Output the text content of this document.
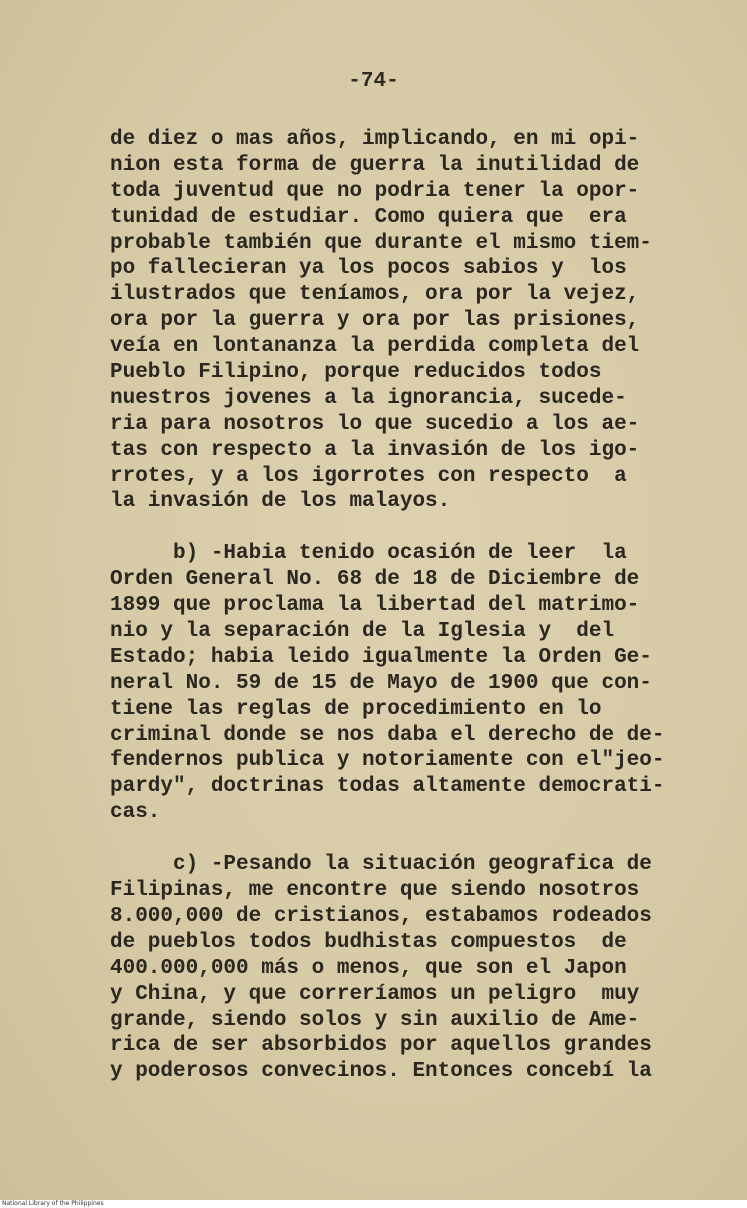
-74-
de diez o mas años, implicando, en mi opi-
nion esta forma de guerra la inutilidad de
toda juventud que no podria tener la opor-
tunidad de estudiar. Como quiera que  era
probable también que durante el mismo tiem-
po fallecieran ya los pocos sabios y  los
ilustrados que teníamos, ora por la vejez,
ora por la guerra y ora por las prisiones,
veía en lontananza la perdida completa del
Pueblo Filipino, porque reducidos todos
nuestros jovenes a la ignorancia, sucede-
ria para nosotros lo que sucedio a los ae-
tas con respecto a la invasión de los igo-
rrotes, y a los igorrotes con respecto  a
la invasión de los malayos.
b) -Habia tenido ocasión de leer  la
Orden General No. 68 de 18 de Diciembre de
1899 que proclama la libertad del matrimo-
nio y la separación de la Iglesia y  del
Estado; habia leido igualmente la Orden Ge-
neral No. 59 de 15 de Mayo de 1900 que con-
tiene las reglas de procedimiento en lo
criminal donde se nos daba el derecho de de-
fendernos publica y notoriamente con el"jeo-
pardy", doctrinas todas altamente democrati-
cas.
c) -Pesando la situación geografica de
Filipinas, me encontre que siendo nosotros
8.000,000 de cristianos, estabamos rodeados
de pueblos todos budhistas compuestos  de
400.000,000 más o menos, que son el Japon
y China, y que correríamos un peligro  muy
grande, siendo solos y sin auxilio de Ame-
rica de ser absorbidos por aquellos grandes
y poderosos convecinos. Entonces concebí la
National Library of the Philippines
